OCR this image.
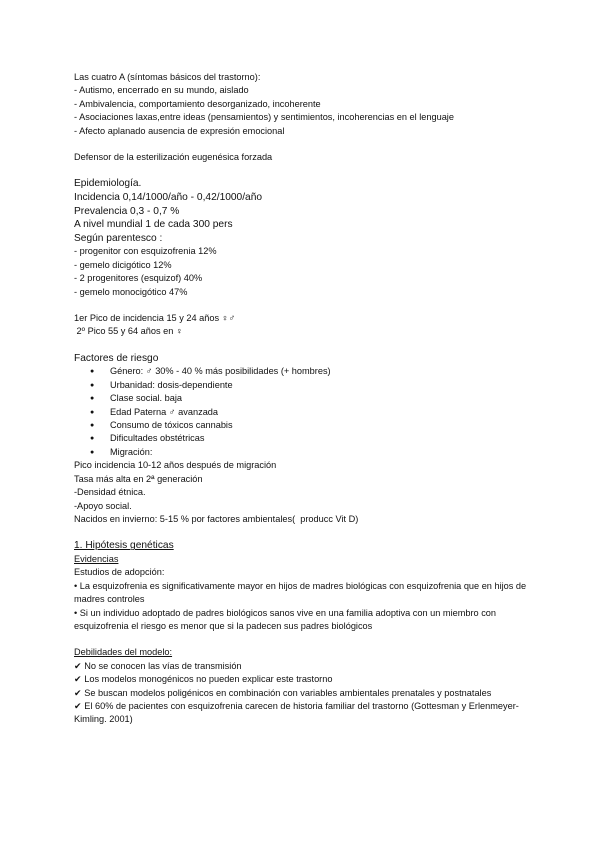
Las cuatro A (síntomas básicos del trastorno):
- Autismo, encerrado en su mundo, aislado
- Ambivalencia, comportamiento desorganizado, incoherente
- Asociaciones laxas,entre ideas (pensamientos) y sentimientos, incoherencias en el lenguaje
- Afecto aplanado ausencia de expresión emocional
Defensor de la esterilización eugenésica forzada
Epidemiología.
Incidencia 0,14/1000/año - 0,42/1000/año
Prevalencia 0,3 - 0,7 %
A nivel mundial 1 de cada 300 pers
Según parentesco :
- progenitor con esquizofrenia 12%
- gemelo dicigótico 12%
- 2 progenitores (esquizof) 40%
- gemelo monocigótico 47%
1er Pico de incidencia 15 y 24 años ♀♂
2º Pico 55 y 64 años en ♀
Factores de riesgo
● Género: ♂ 30% - 40 % más posibilidades (+ hombres)
● Urbanidad: dosis-dependiente
● Clase social. baja
● Edad Paterna ♂ avanzada
● Consumo de tóxicos cannabis
● Dificultades obstétricas
● Migración:
Pico incidencia 10-12 años después de migración
Tasa más alta en 2ª generación
-Densidad étnica.
-Apoyo social.
Nacidos en invierno: 5-15 % por factores ambientales(  producc Vit D)
1. Hipótesis genéticas
Evidencias
Estudios de adopción:
• La esquizofrenia es significativamente mayor en hijos de madres biológicas con esquizofrenia que en hijos de madres controles
• Si un individuo adoptado de padres biológicos sanos vive en una familia adoptiva con un miembro con esquizofrenia el riesgo es menor que si la padecen sus padres biológicos
Debilidades del modelo:
✔ No se conocen las vías de transmisión
✔ Los modelos monogénicos no pueden explicar este trastorno
✔ Se buscan modelos poligénicos en combinación con variables ambientales prenatales y postnatales
✔ El 60% de pacientes con esquizofrenia carecen de historia familiar del trastorno (Gottesman y Erlenmeyer-Kimling. 2001)
